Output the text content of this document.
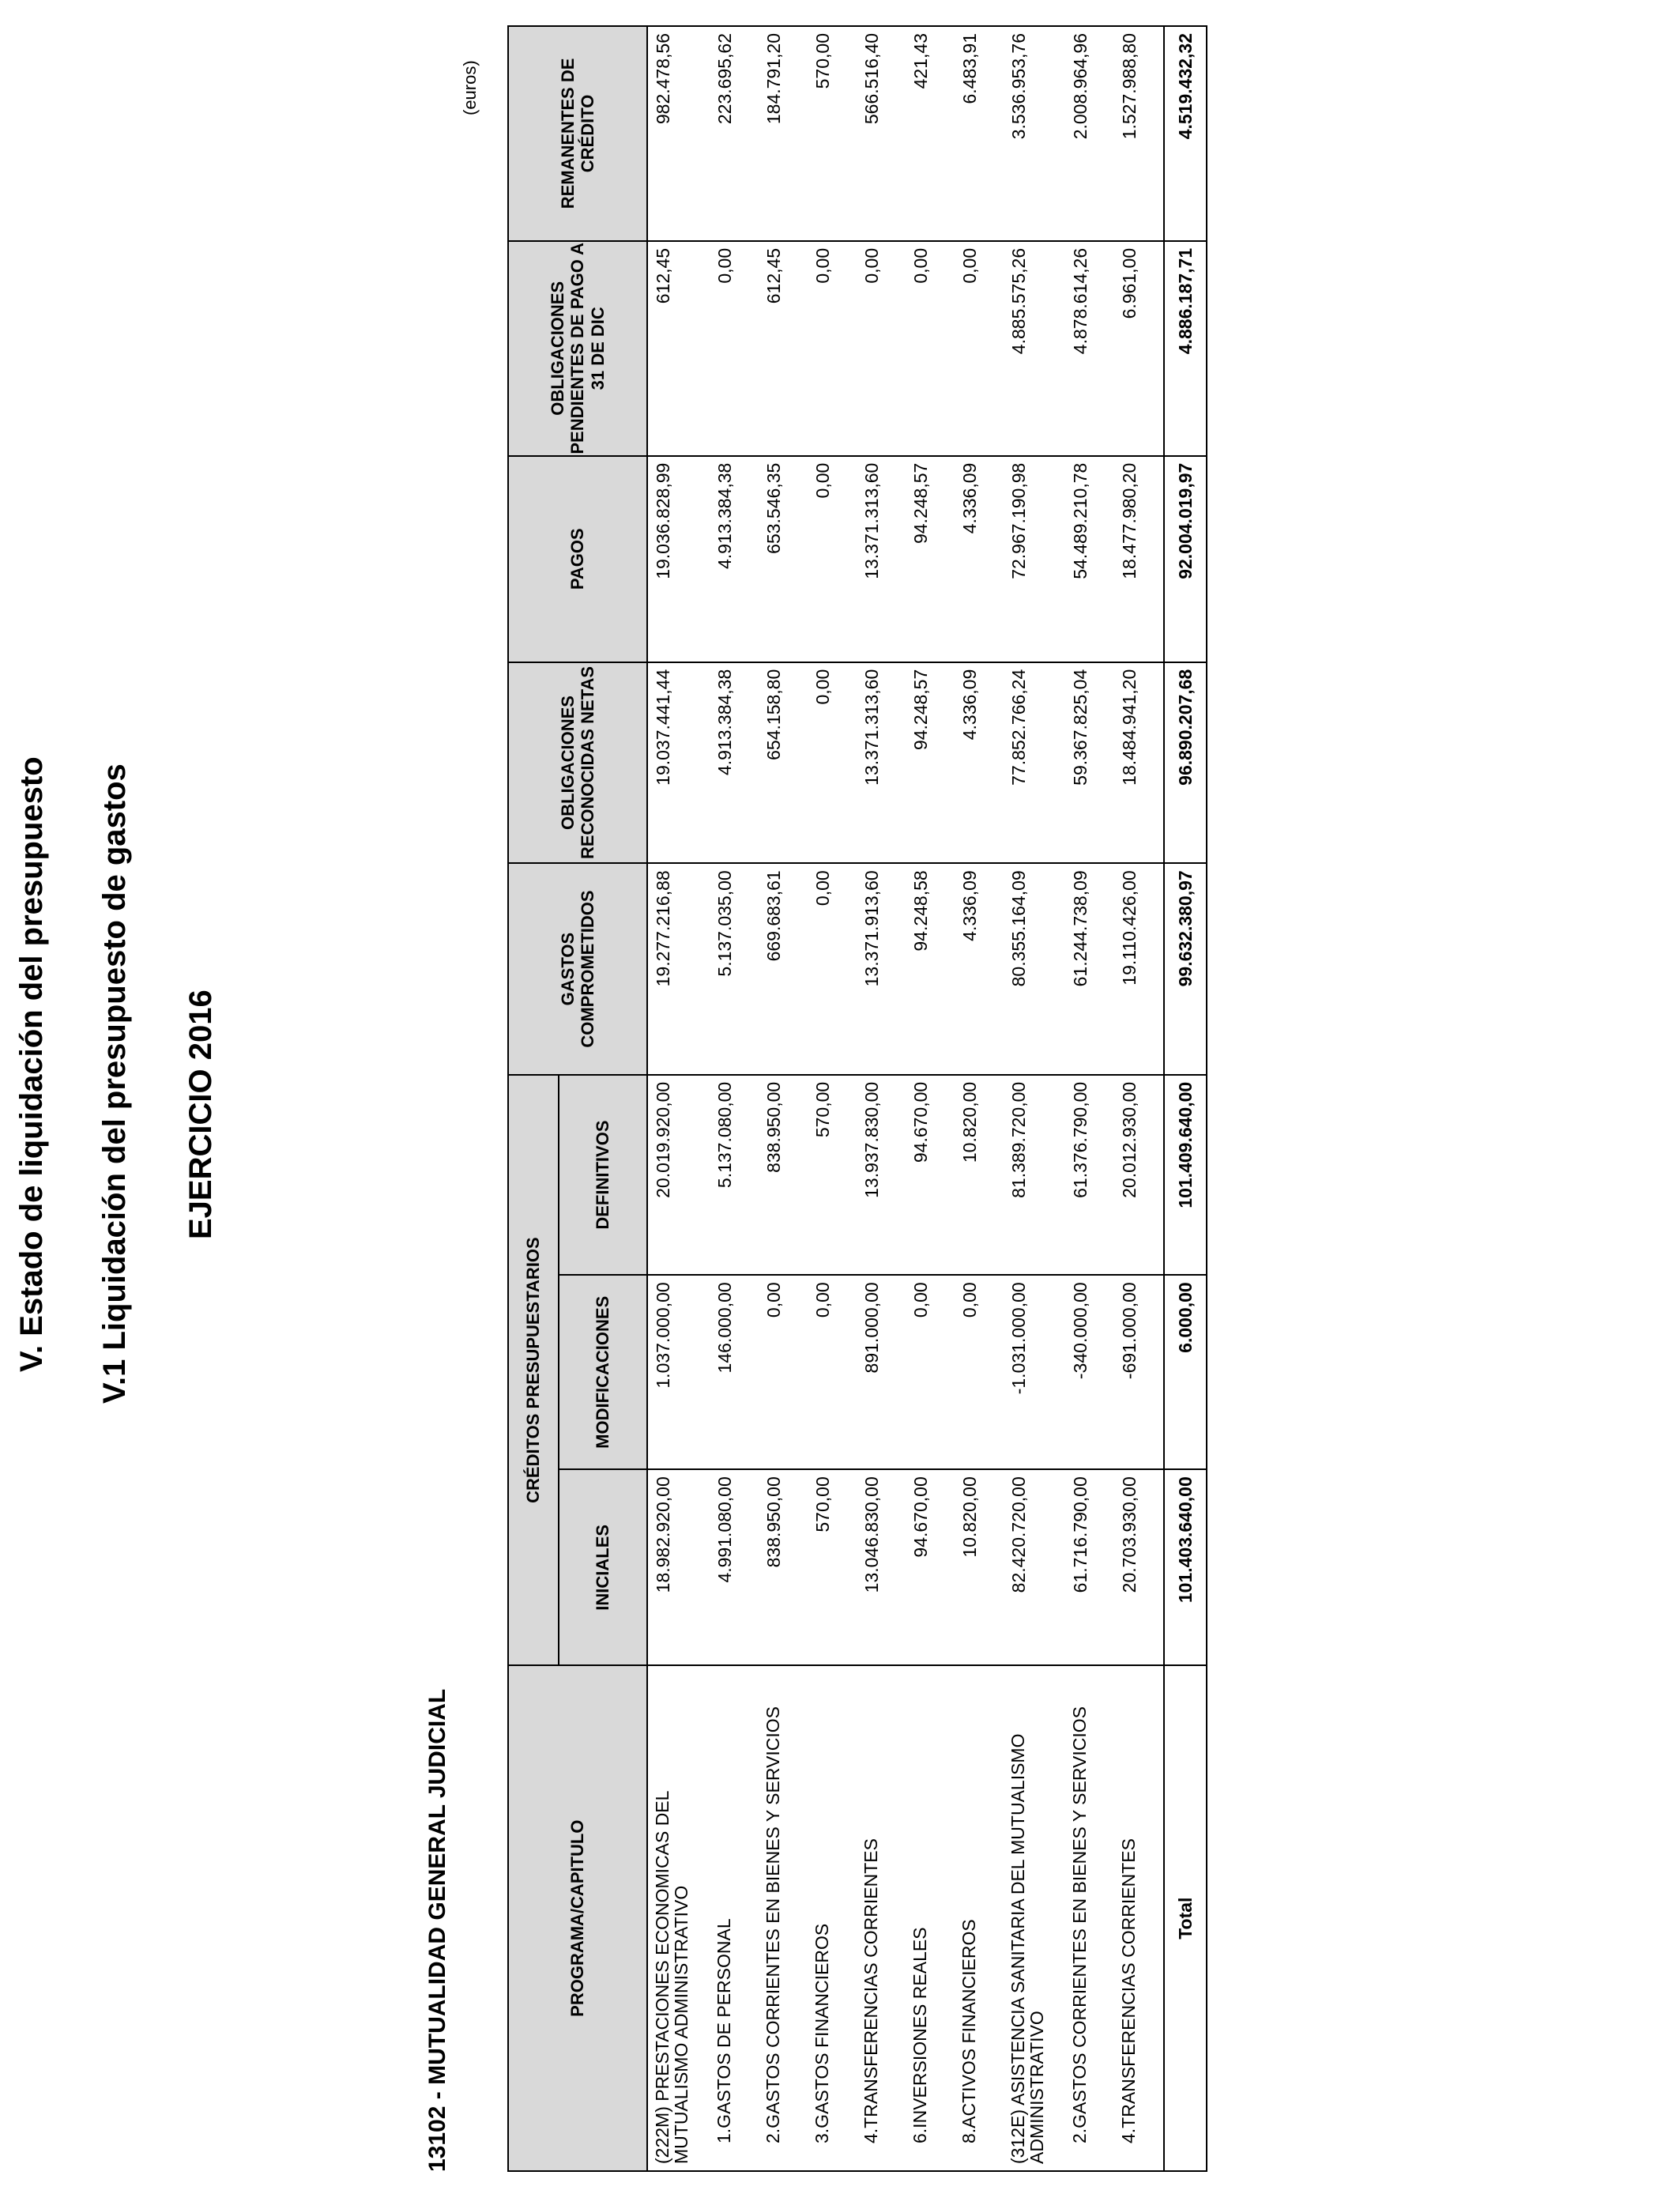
V. Estado de liquidación del presupuesto V.1 Liquidación del presupuesto de gastos EJERCICIO 2016
13102 - MUTUALIDAD GENERAL JUDICIAL
(euros)
PROGRAMA/CAPITULO	CRÉDITOS PRESUPUESTARIOS			GASTOS COMPROMETIDOS	OBLIGACIONES RECONOCIDAS NETAS	PAGOS	OBLIGACIONES PENDIENTES DE PAGO A 31 DE DIC	REMANENTES DE CRÉDITO
	INICIALES	MODIFICACIONES	DEFINITIVOS					
(222M) PRESTACIONES ECONOMICAS DEL MUTUALISMO ADMINISTRATIVO	18.982.920,00	1.037.000,00	20.019.920,00	19.277.216,88	19.037.441,44	19.036.828,99	612,45	982.478,56
1.GASTOS DE PERSONAL	4.991.080,00	146.000,00	5.137.080,00	5.137.035,00	4.913.384,38	4.913.384,38	0,00	223.695,62
2.GASTOS CORRIENTES EN BIENES Y SERVICIOS	838.950,00	0,00	838.950,00	669.683,61	654.158,80	653.546,35	612,45	184.791,20
3.GASTOS FINANCIEROS	570,00	0,00	570,00	0,00	0,00	0,00	0,00	570,00
4.TRANSFERENCIAS CORRIENTES	13.046.830,00	891.000,00	13.937.830,00	13.371.913,60	13.371.313,60	13.371.313,60	0,00	566.516,40
6.INVERSIONES REALES	94.670,00	0,00	94.670,00	94.248,58	94.248,57	94.248,57	0,00	421,43
8.ACTIVOS FINANCIEROS	10.820,00	0,00	10.820,00	4.336,09	4.336,09	4.336,09	0,00	6.483,91
(312E) ASISTENCIA SANITARIA DEL MUTUALISMO ADMINISTRATIVO	82.420.720,00	-1.031.000,00	81.389.720,00	80.355.164,09	77.852.766,24	72.967.190,98	4.885.575,26	3.536.953,76
2.GASTOS CORRIENTES EN BIENES Y SERVICIOS	61.716.790,00	-340.000,00	61.376.790,00	61.244.738,09	59.367.825,04	54.489.210,78	4.878.614,26	2.008.964,96
4.TRANSFERENCIAS CORRIENTES	20.703.930,00	-691.000,00	20.012.930,00	19.110.426,00	18.484.941,20	18.477.980,20	6.961,00	1.527.988,80
Total	101.403.640,00	6.000,00	101.409.640,00	99.632.380,97	96.890.207,68	92.004.019,97	4.886.187,71	4.519.432,32
